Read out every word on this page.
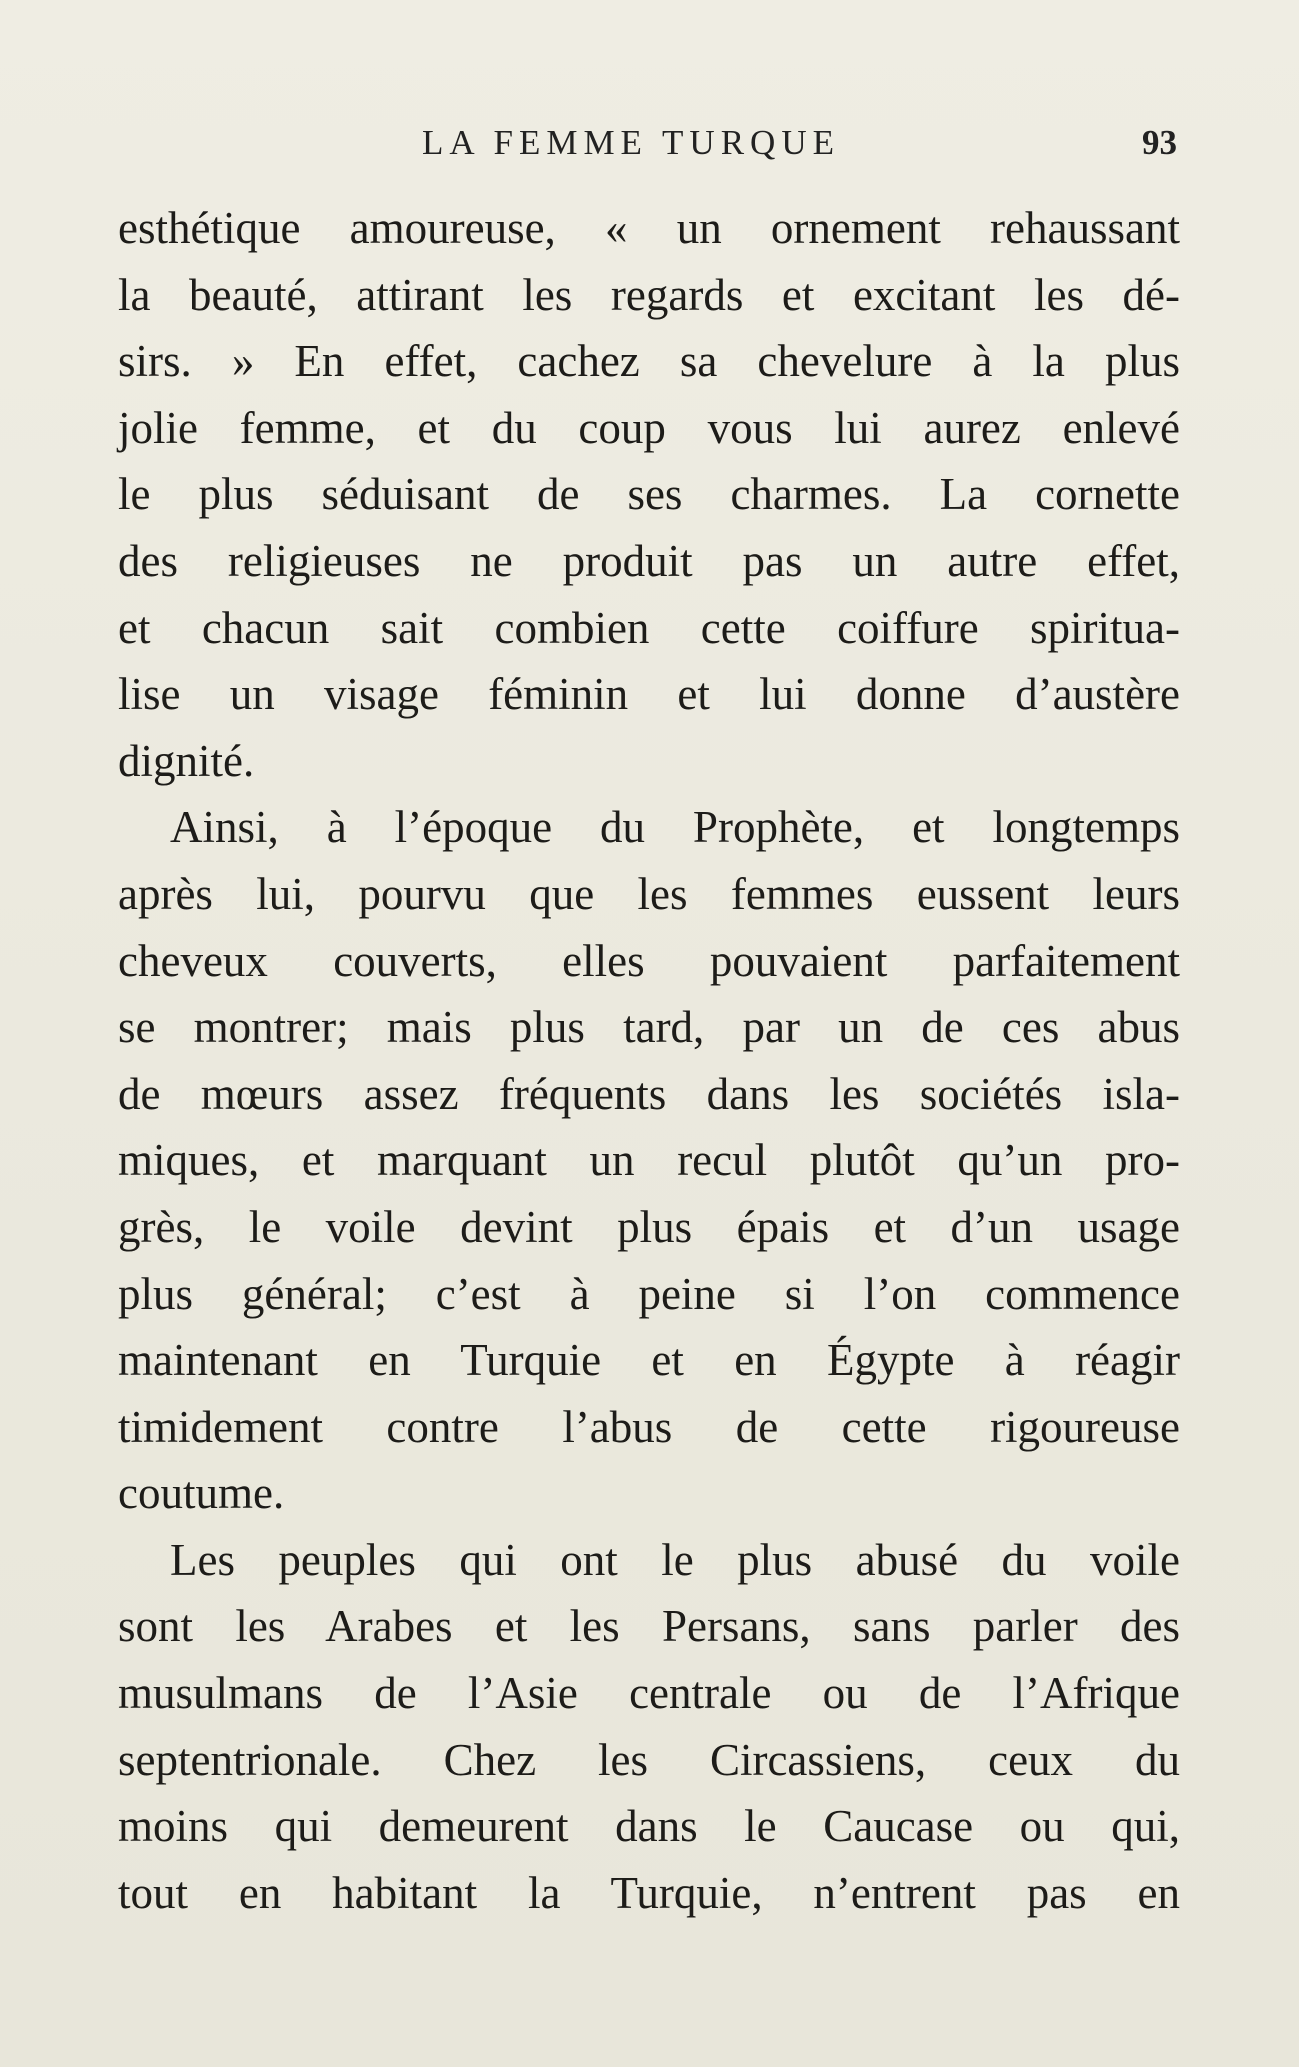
LA FEMME TURQUE	93
esthétique amoureuse, « un ornement rehaussant
la beauté, attirant les regards et excitant les dé-
sirs. » En effet, cachez sa chevelure à la plus
jolie femme, et du coup vous lui aurez enlevé
le plus séduisant de ses charmes. La cornette
des religieuses ne produit pas un autre effet,
et chacun sait combien cette coiffure spiritua-
lise un visage féminin et lui donne d’austère
dignité.
Ainsi, à l’époque du Prophète, et longtemps
après lui, pourvu que les femmes eussent leurs
cheveux couverts, elles pouvaient parfaitement
se montrer; mais plus tard, par un de ces abus
de mœurs assez fréquents dans les sociétés isla-
miques, et marquant un recul plutôt qu’un pro-
grès, le voile devint plus épais et d’un usage
plus général; c’est à peine si l’on commence
maintenant en Turquie et en Égypte à réagir
timidement contre l’abus de cette rigoureuse
coutume.
Les peuples qui ont le plus abusé du voile
sont les Arabes et les Persans, sans parler des
musulmans de l’Asie centrale ou de l’Afrique
septentrionale. Chez les Circassiens, ceux du
moins qui demeurent dans le Caucase ou qui,
tout en habitant la Turquie, n’entrent pas en
